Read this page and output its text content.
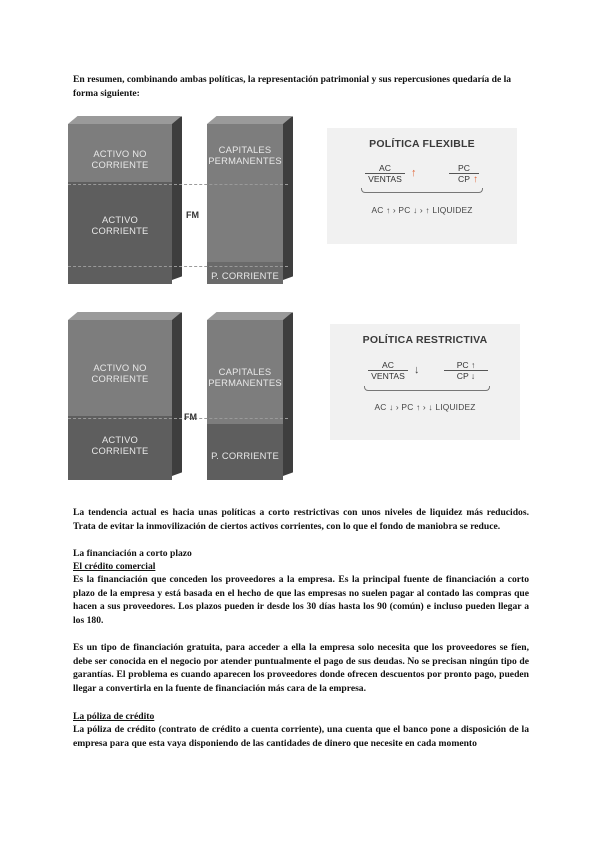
En resumen, combinando ambas políticas, la representación patrimonial y sus repercusiones quedaría de la forma siguiente:

ACTIVO NO
CORRIENTE
ACTIVO
CORRIENTE
CAPITALES
PERMANENTES
P. CORRIENTE
FM
POLÍTICA FLEXIBLE
AC
VENTAS ↑	$\frac{PC}{CP}$
↑
AC ↑ › PC ↓ › ↑ LIQUIDEZ
ACTIVO NO
CORRIENTE
ACTIVO
CORRIENTE
CAPITALES
PERMANENTES
P. CORRIENTE
FM
POLÍTICA RESTRICTIVA
AC
VENTAS ↓	$\frac{PC ↑}{CP ↓}$
AC ↓ › PC ↑ › ↓ LIQUIDEZ

La tendencia actual es hacia unas políticas a corto restrictivas con unos niveles de liquidez más reducidos. Trata de evitar la inmovilización de ciertos activos corrientes, con lo que el fondo de maniobra se reduce.

La financiación a corto plazo

El crédito comercial

Es la financiación que conceden los proveedores a la empresa. Es la principal fuente de financiación a corto plazo de la empresa y está basada en el hecho de que las empresas no suelen pagar al contado las compras que hacen a sus proveedores. Los plazos pueden ir desde los 30 días hasta los 90 (común) e incluso pueden llegar a los 180.

Es un tipo de financiación gratuita, para acceder a ella la empresa solo necesita que los proveedores se fíen, debe ser conocida en el negocio por atender puntualmente el pago de sus deudas. No se precisan ningún tipo de garantías. El problema es cuando aparecen los proveedores donde ofrecen descuentos por pronto pago, pueden llegar a convertirla en la fuente de financiación más cara de la empresa.

La póliza de crédito

La póliza de crédito (contrato de crédito a cuenta corriente), una cuenta que el banco pone a disposición de la empresa para que esta vaya disponiendo de las cantidades de dinero que necesite en cada momento
